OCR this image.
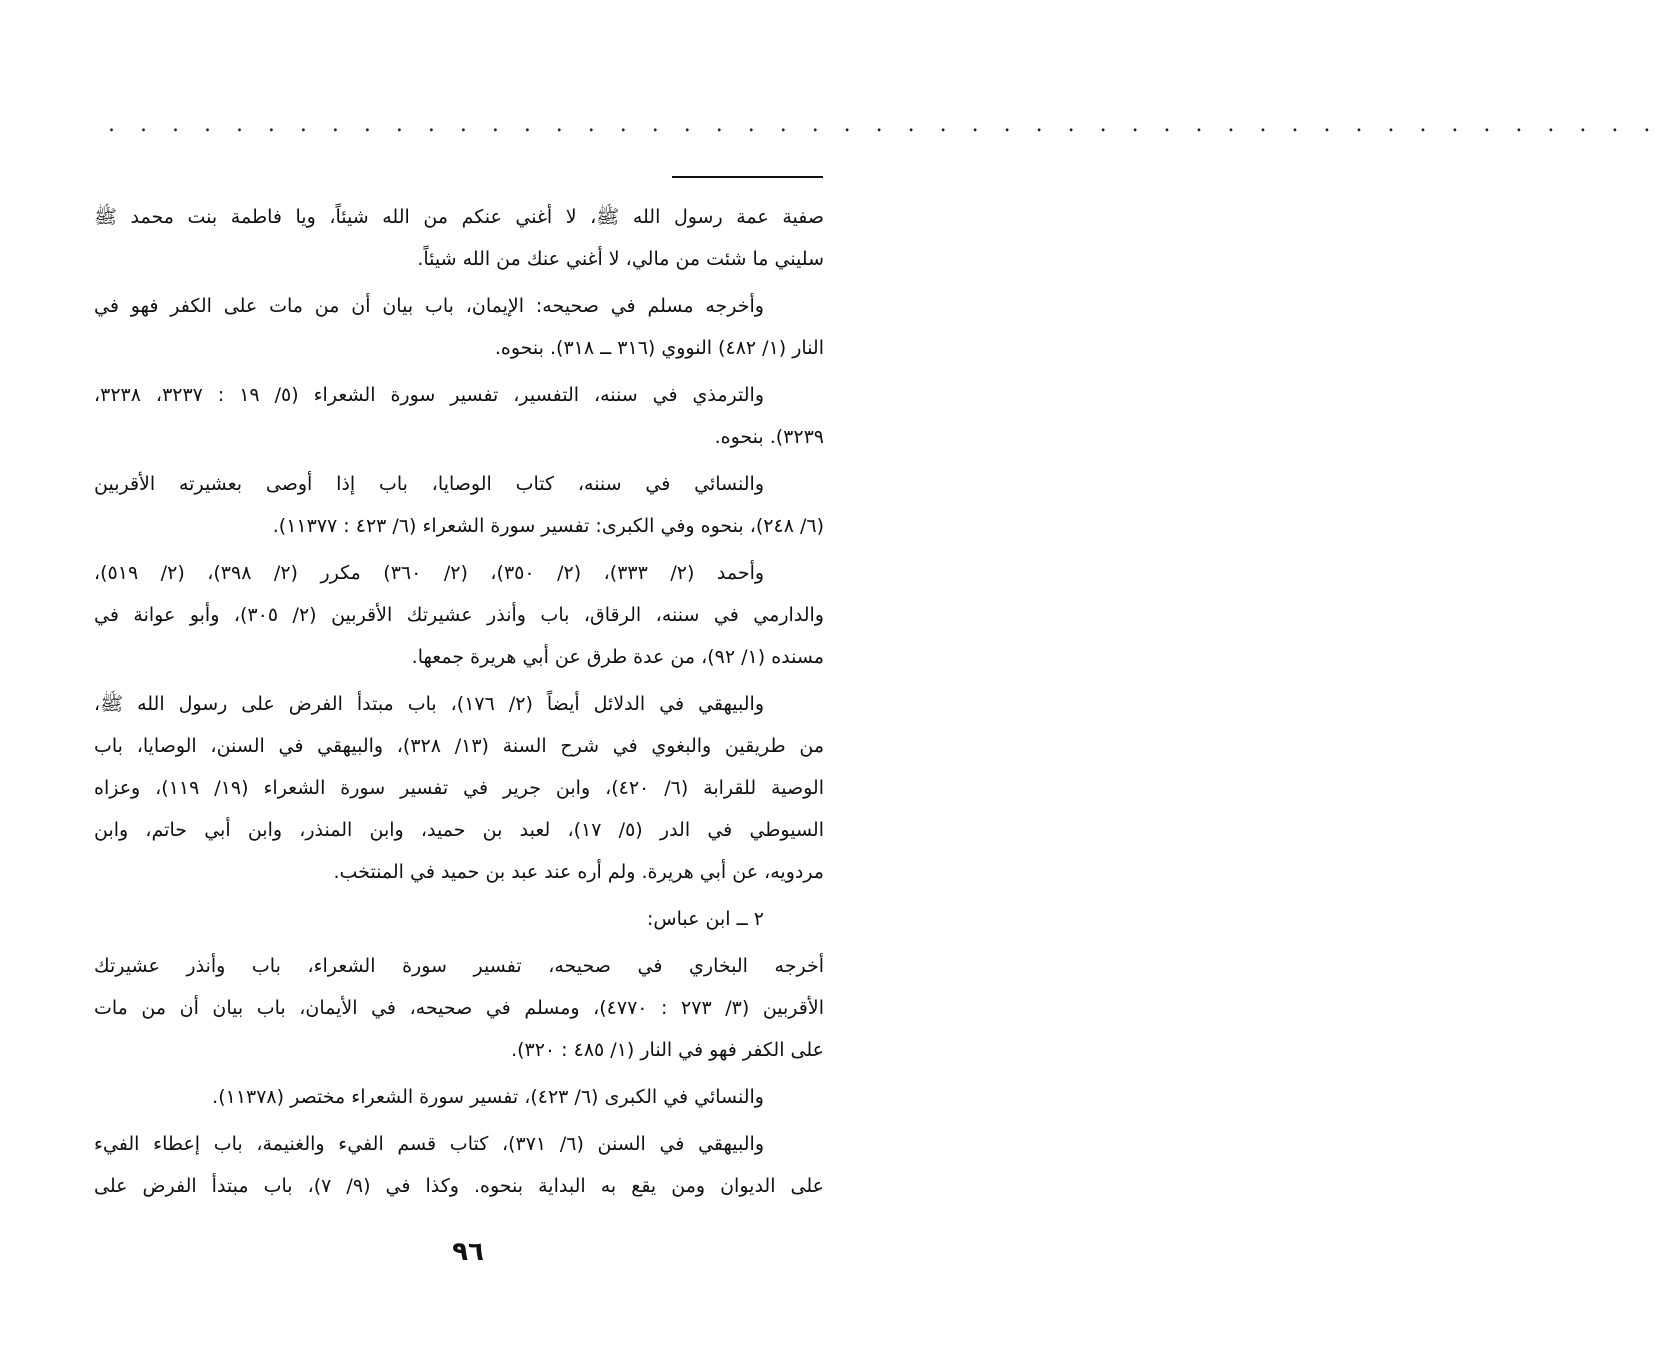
. . . . . . . . . . . . . . . . . . . . . . . . . . . . . . . . . . . . . . . . . . . . . . . . .
صفية عمة رسول الله ﷺ، لا أغني عنكم من الله شيئاً، ويا فاطمة بنت محمد ﷺ
سليني ما شئت من مالي، لا أغني عنك من الله شيئاً.
وأخرجه مسلم في صحيحه: الإيمان، باب بيان أن من مات على الكفر فهو في
النار (١/ ٤٨٢) النووي (٣١٦ ــ ٣١٨). بنحوه.
والترمذي في سننه، التفسير، تفسير سورة الشعراء (٥/ ١٩ : ٣٢٣٧، ٣٢٣٨،
٣٢٣٩). بنحوه.
والنسائي في سننه، كتاب الوصايا، باب إذا أوصى بعشيرته الأقربين
(٦/ ٢٤٨)، بنحوه وفي الكبرى: تفسير سورة الشعراء (٦/ ٤٢٣ : ١١٣٧٧).
وأحمد (٢/ ٣٣٣)، (٢/ ٣٥٠)، (٢/ ٣٦٠) مكرر (٢/ ٣٩٨)، (٢/ ٥١٩)،
والدارمي في سننه، الرقاق، باب وأنذر عشيرتك الأقربين (٢/ ٣٠٥)، وأبو عوانة في
مسنده (١/ ٩٢)، من عدة طرق عن أبي هريرة جمعها.
والبيهقي في الدلائل أيضاً (٢/ ١٧٦)، باب مبتدأ الفرض على رسول الله ﷺ،
من طريقين والبغوي في شرح السنة (١٣/ ٣٢٨)، والبيهقي في السنن، الوصايا، باب
الوصية للقرابة (٦/ ٤٢٠)، وابن جرير في تفسير سورة الشعراء (١٩/ ١١٩)، وعزاه
السيوطي في الدر (٥/ ١٧)، لعبد بن حميد، وابن المنذر، وابن أبي حاتم، وابن
مردويه، عن أبي هريرة. ولم أره عند عبد بن حميد في المنتخب.
٢ ــ ابن عباس:
أخرجه البخاري في صحيحه، تفسير سورة الشعراء، باب وأنذر عشيرتك
الأقربين (٣/ ٢٧٣ : ٤٧٧٠)، ومسلم في صحيحه، في الأيمان، باب بيان أن من مات
على الكفر فهو في النار (١/ ٤٨٥ : ٣٢٠).
والنسائي في الكبرى (٦/ ٤٢٣)، تفسير سورة الشعراء مختصر (١١٣٧٨).
والبيهقي في السنن (٦/ ٣٧١)، كتاب قسم الفيء والغنيمة، باب إعطاء الفيء
على الديوان ومن يقع به البداية بنحوه. وكذا في (٩/ ٧)، باب مبتدأ الفرض على
٩٦
